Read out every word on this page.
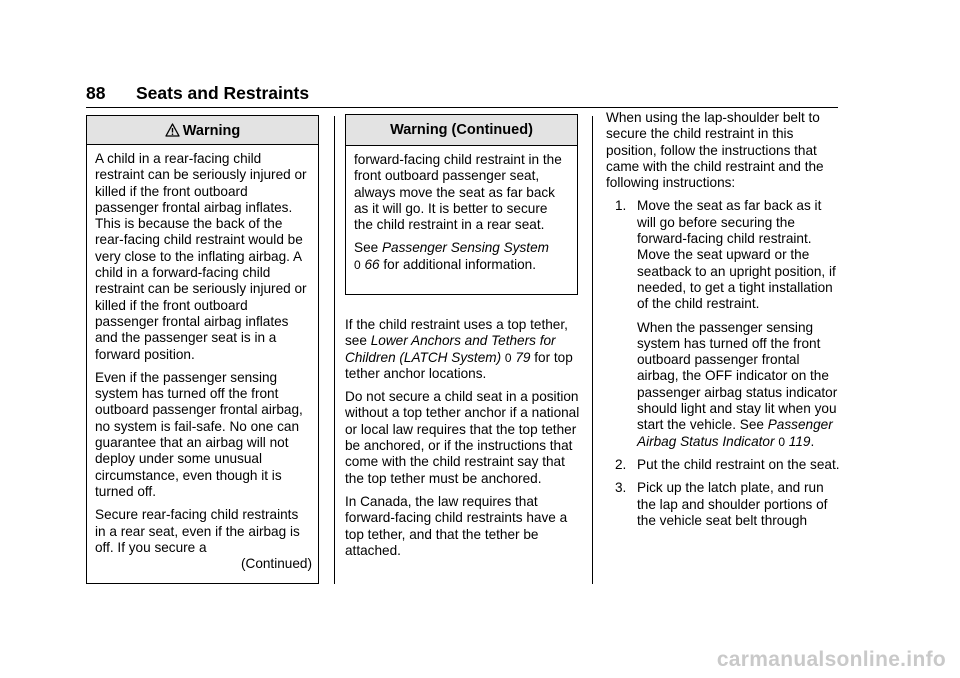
88 Seats and Restraints
Warning

A child in a rear-facing child restraint can be seriously injured or killed if the front outboard passenger frontal airbag inflates. This is because the back of the rear-facing child restraint would be very close to the inflating airbag. A child in a forward-facing child restraint can be seriously injured or killed if the front outboard passenger frontal airbag inflates and the passenger seat is in a forward position.

Even if the passenger sensing system has turned off the front outboard passenger frontal airbag, no system is fail-safe. No one can guarantee that an airbag will not deploy under some unusual circumstance, even though it is turned off.

Secure rear-facing child restraints in a rear seat, even if the airbag is off. If you secure a

(Continued)
Warning (Continued)

forward-facing child restraint in the front outboard passenger seat, always move the seat as far back as it will go. It is better to secure the child restraint in a rear seat.

See Passenger Sensing System
0 66 for additional information.

If the child restraint uses a top tether, see Lower Anchors and Tethers for Children (LATCH System) 0 79 for top tether anchor locations.

Do not secure a child seat in a position without a top tether anchor if a national or local law requires that the top tether be anchored, or if the instructions that come with the child restraint say that the top tether must be anchored.

In Canada, the law requires that forward-facing child restraints have a top tether, and that the tether be attached.

When using the lap-shoulder belt to secure the child restraint in this position, follow the instructions that came with the child restraint and the following instructions:

1. Move the seat as far back as it will go before securing the forward-facing child restraint. Move the seat upward or the seatback to an upright position, if needed, to get a tight installation of the child restraint.

When the passenger sensing system has turned off the front outboard passenger frontal airbag, the OFF indicator on the passenger airbag status indicator should light and stay lit when you start the vehicle. See Passenger Airbag Status Indicator 0 119.

2. Put the child restraint on the seat.
3. Pick up the latch plate, and run the lap and shoulder portions of the vehicle seat belt through
carmanualsonline.info
